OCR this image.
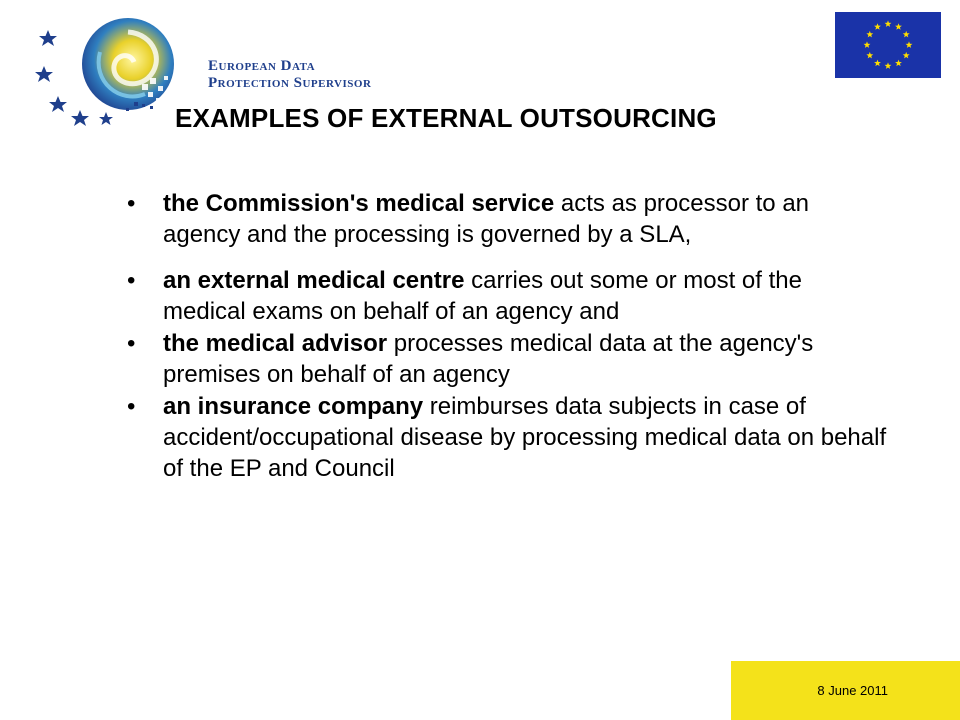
European Data
Protection Supervisor
EXAMPLES OF EXTERNAL OUTSOURCING
• the Commission's medical service acts as processor to an agency and the processing is governed by a SLA,
• an external medical centre carries out some or most of the medical exams on behalf of an agency and
• the medical advisor processes medical data at the agency's premises on behalf of an agency
• an insurance company reimburses data subjects in case of accident/occupational disease by processing medical data on behalf of the EP and Council
8 June 2011
